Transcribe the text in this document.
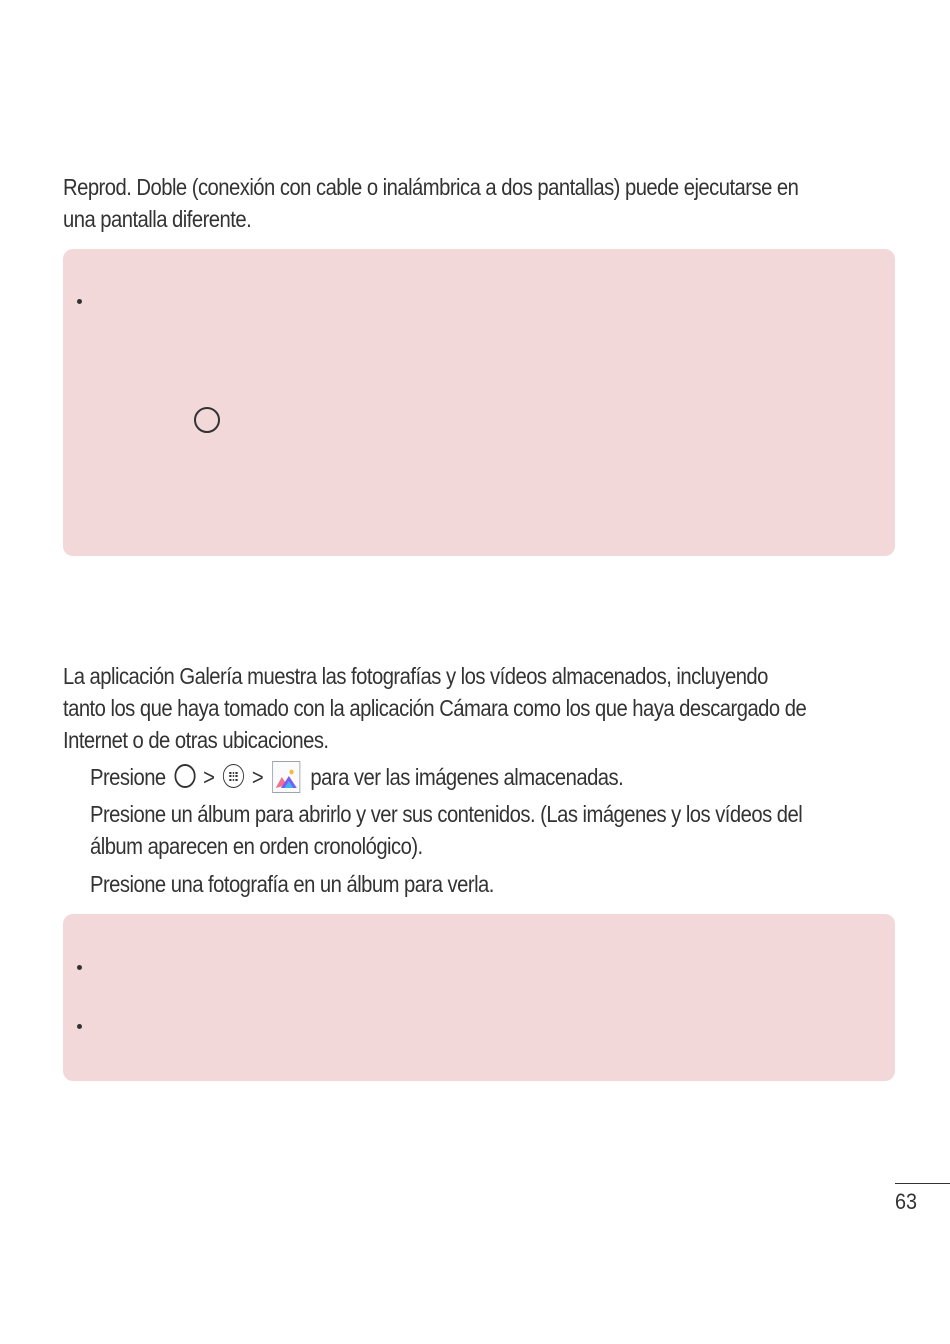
Reprod. Doble (conexión con cable o inalámbrica a dos pantallas) puede ejecutarse en
una pantalla diferente.
La aplicación Galería muestra las fotografías y los vídeos almacenados, incluyendo
tanto los que haya tomado con la aplicación Cámara como los que haya descargado de
Internet o de otras ubicaciones.
Presione > > para ver las imágenes almacenadas.
Presione un álbum para abrirlo y ver sus contenidos. (Las imágenes y los vídeos del
álbum aparecen en orden cronológico).
Presione una fotografía en un álbum para verla.
63
